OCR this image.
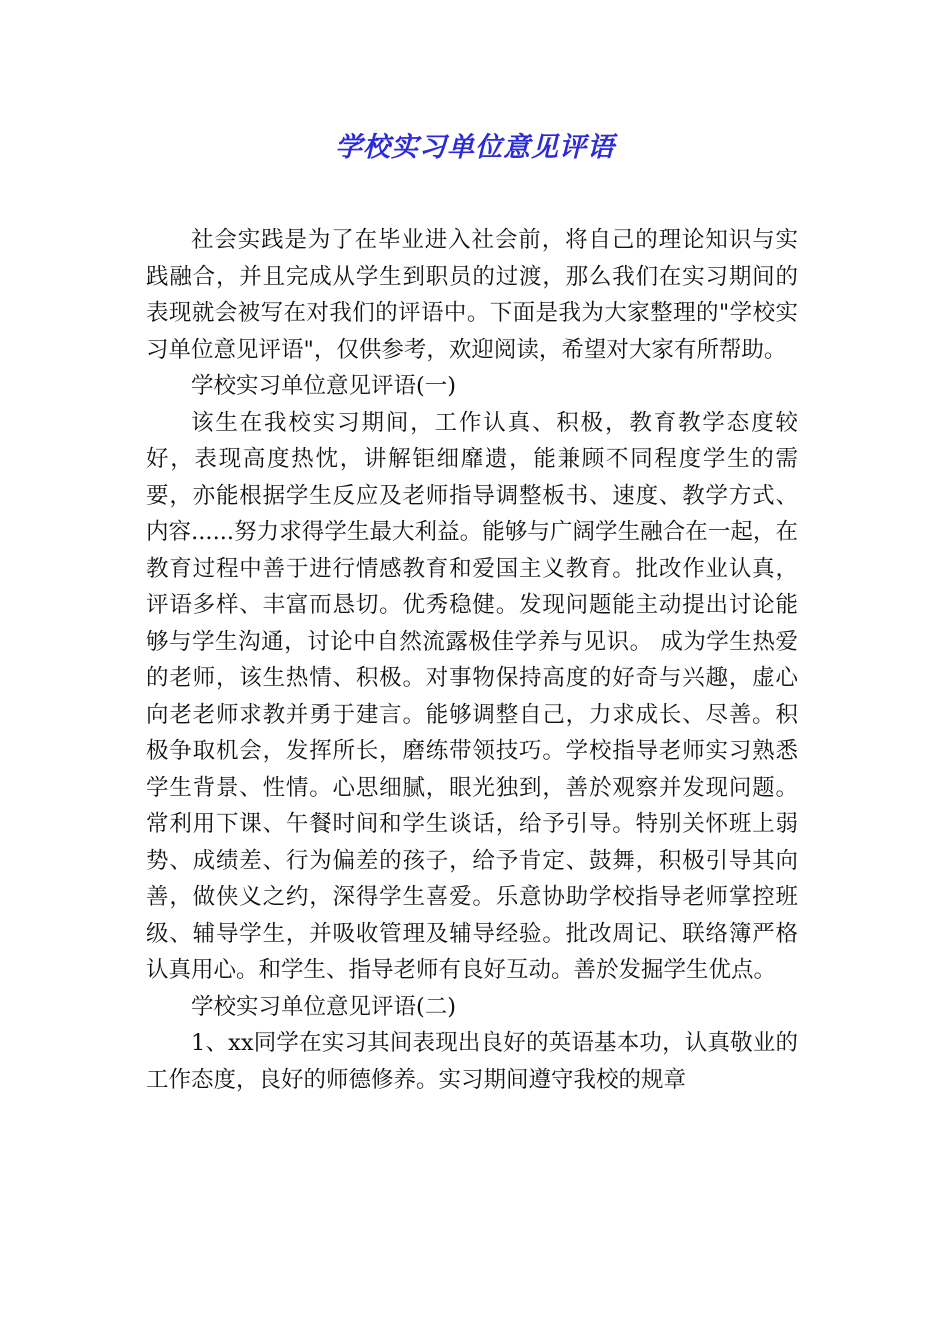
学校实习单位意见评语

社会实践是为了在毕业进入社会前，将自己的理论知识与实践融合，并且完成从学生到职员的过渡，那么我们在实习期间的表现就会被写在对我们的评语中。下面是我为大家整理的"学校实习单位意见评语"，仅供参考，欢迎阅读，希望对大家有所帮助。

学校实习单位意见评语(一)

该生在我校实习期间，工作认真、积极，教育教学态度较好，表现高度热忱，讲解钜细靡遗，能兼顾不同程度学生的需要，亦能根据学生反应及老师指导调整板书、速度、教学方式、内容......努力求得学生最大利益。能够与广阔学生融合在一起，在教育过程中善于进行情感教育和爱国主义教育。批改作业认真，评语多样、丰富而恳切。优秀稳健。发现问题能主动提出讨论能够与学生沟通，讨论中自然流露极佳学养与见识。 成为学生热爱的老师，该生热情、积极。对事物保持高度的好奇与兴趣，虚心向老老师求教并勇于建言。能够调整自己，力求成长、尽善。积极争取机会，发挥所长，磨练带领技巧。学校指导老师实习熟悉学生背景、性情。心思细腻，眼光独到，善於观察并发现问题。常利用下课、午餐时间和学生谈话，给予引导。特别关怀班上弱势、成绩差、行为偏差的孩子，给予肯定、鼓舞，积极引导其向善，做侠义之约，深得学生喜爱。乐意协助学校指导老师掌控班级、辅导学生，并吸收管理及辅导经验。批改周记、联络簿严格认真用心。和学生、指导老师有良好互动。善於发掘学生优点。

学校实习单位意见评语(二)

1、xx同学在实习其间表现出良好的英语基本功，认真敬业的工作态度，良好的师德修养。实习期间遵守我校的规章
